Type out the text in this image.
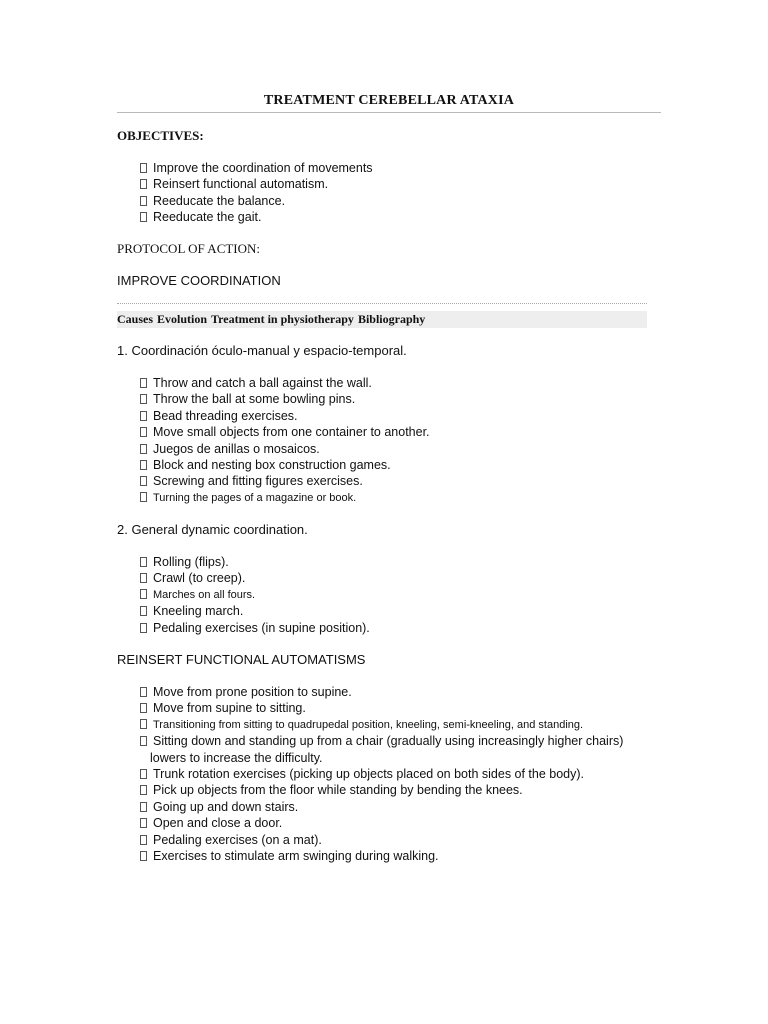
TREATMENT CEREBELLAR ATAXIA
OBJECTIVES:
Improve the coordination of movements
Reinsert functional automatism.
Reeducate the balance.
Reeducate the gait.
PROTOCOL OF ACTION:
IMPROVE COORDINATION
Causes Evolution Treatment in physiotherapy Bibliography
1. Coordinación óculo-manual y espacio-temporal.
Throw and catch a ball against the wall.
Throw the ball at some bowling pins.
Bead threading exercises.
Move small objects from one container to another.
Juegos de anillas o mosaicos.
Block and nesting box construction games.
Screwing and fitting figures exercises.
Turning the pages of a magazine or book.
2. General dynamic coordination.
Rolling (flips).
Crawl (to creep).
Marches on all fours.
Kneeling march.
Pedaling exercises (in supine position).
REINSERT FUNCTIONAL AUTOMATISMS
Move from prone position to supine.
Move from supine to sitting.
Transitioning from sitting to quadrupedal position, kneeling, semi-kneeling, and standing.
Sitting down and standing up from a chair (gradually using increasingly higher chairs)
lowers to increase the difficulty.
Trunk rotation exercises (picking up objects placed on both sides of the body).
Pick up objects from the floor while standing by bending the knees.
Going up and down stairs.
Open and close a door.
Pedaling exercises (on a mat).
Exercises to stimulate arm swinging during walking.
